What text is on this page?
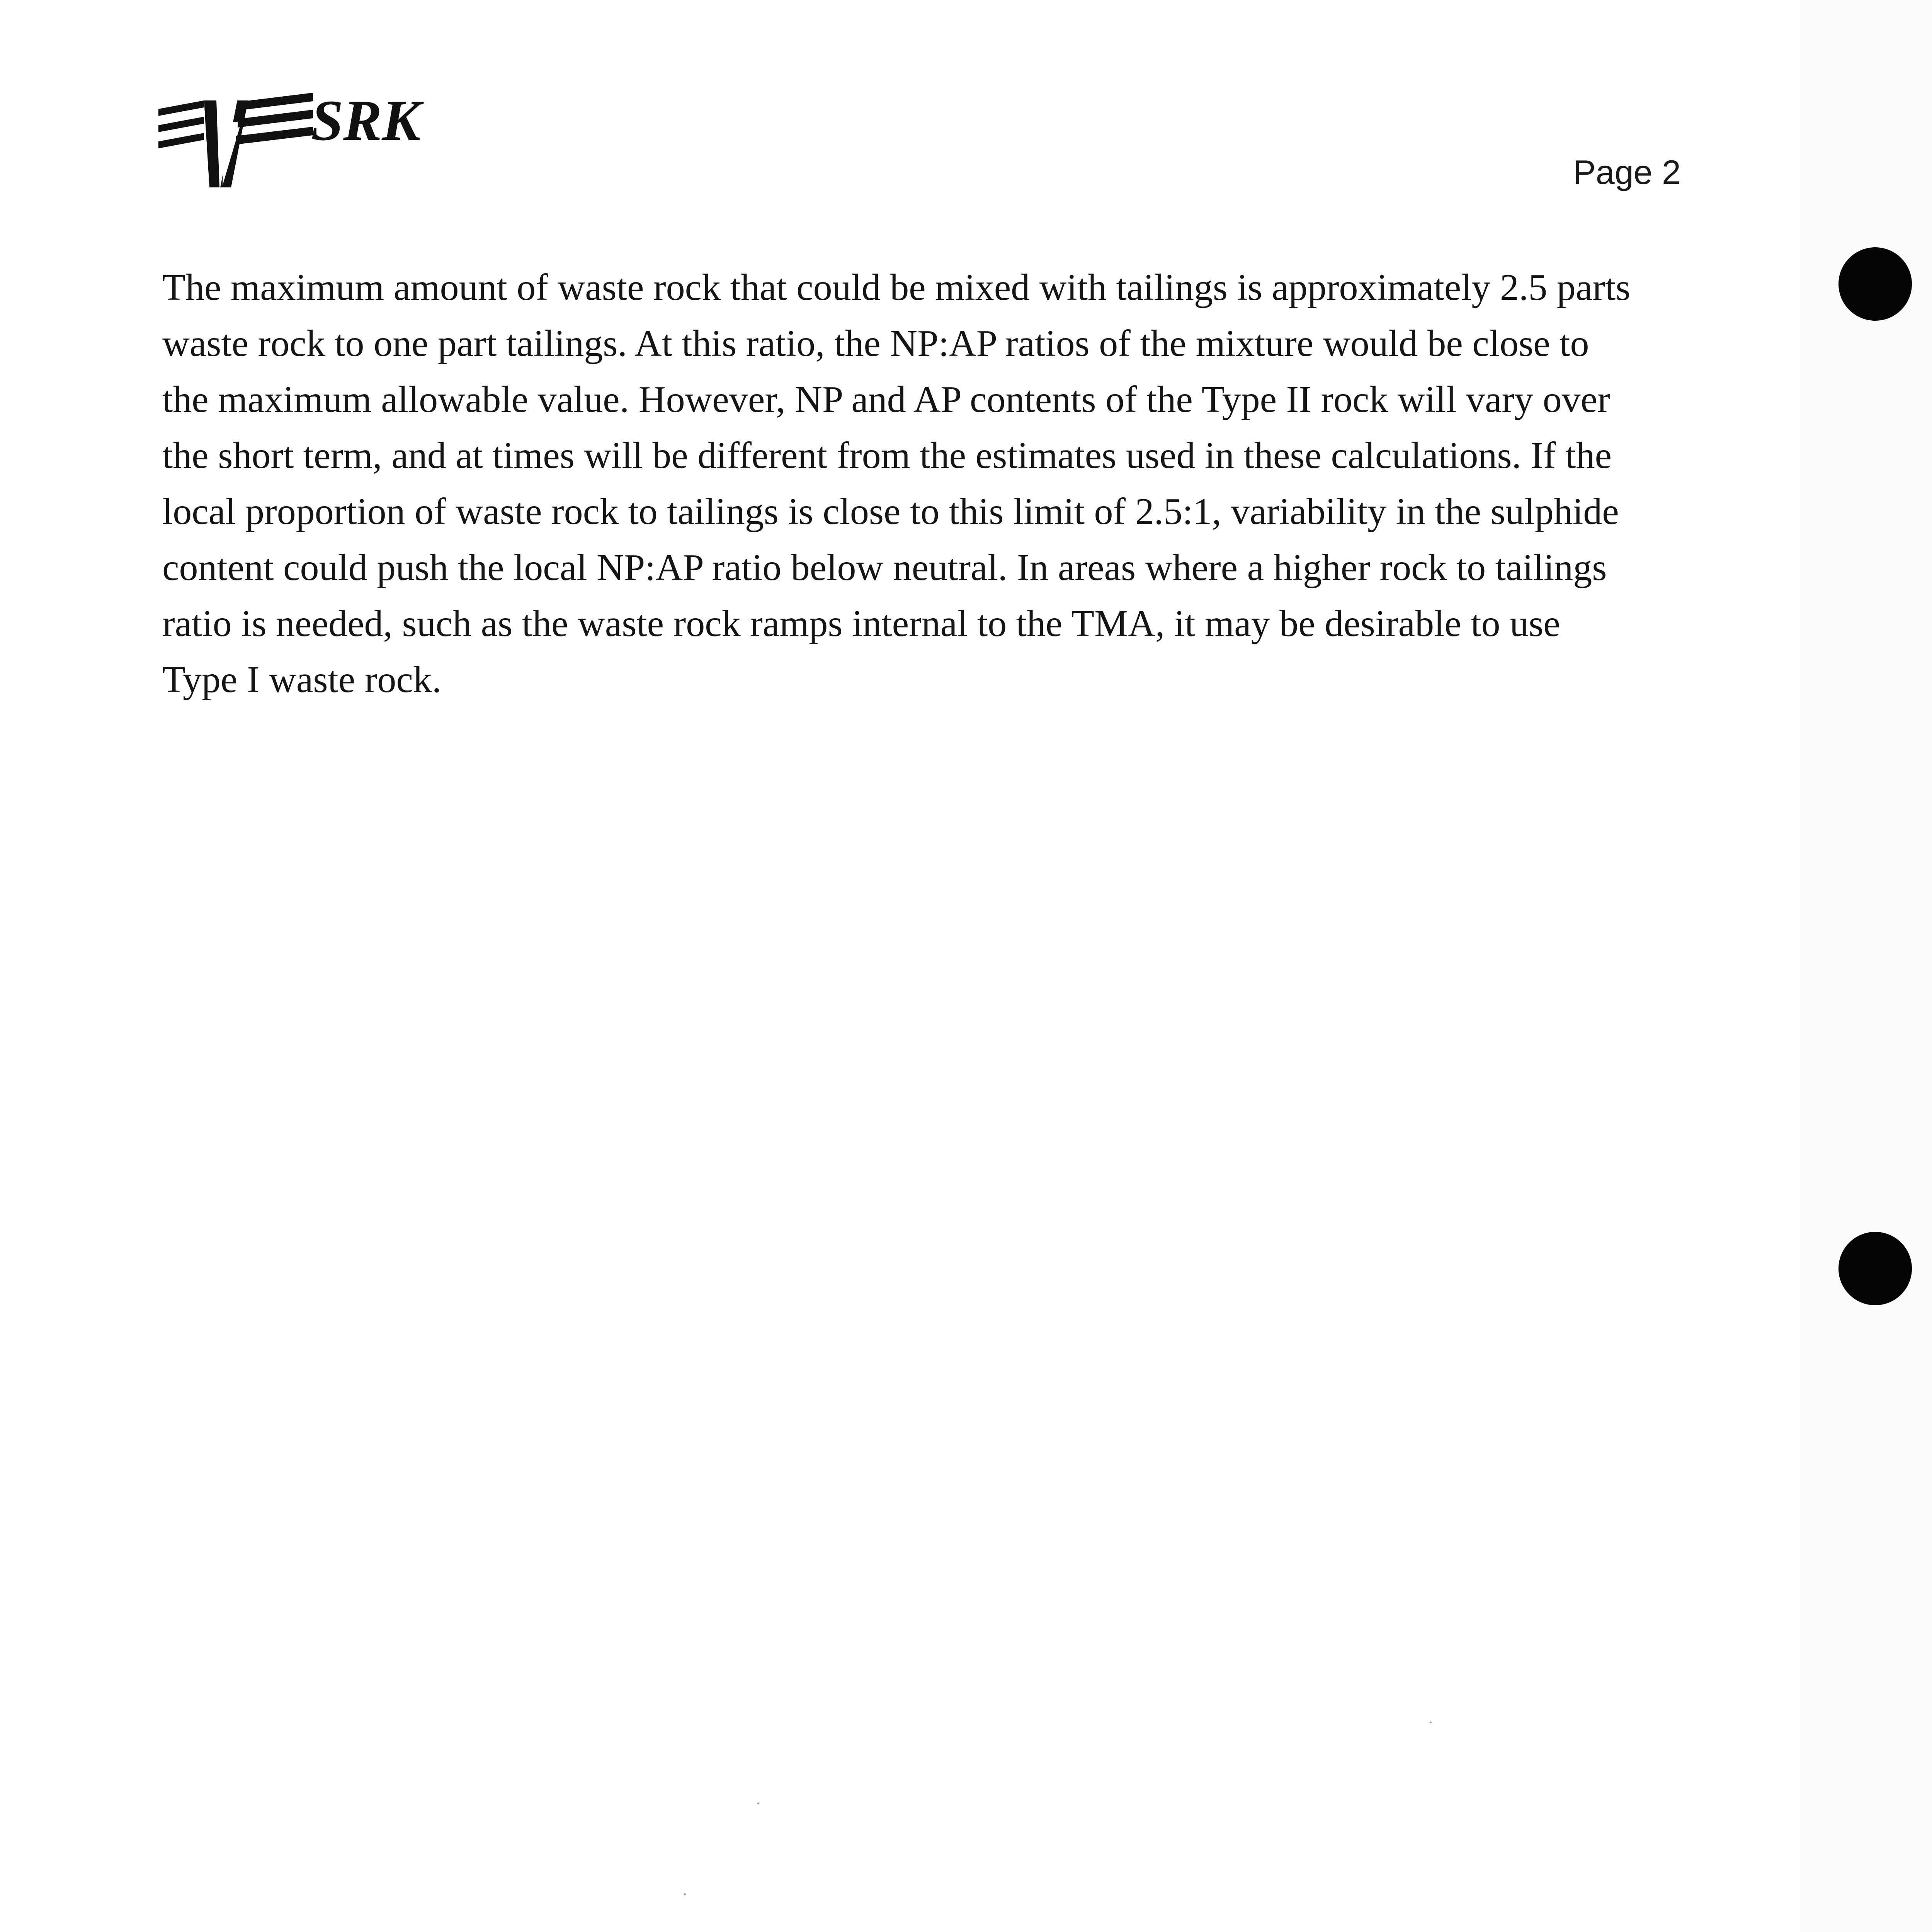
SRK
Page 2

The maximum amount of waste rock that could be mixed with tailings is approximately 2.5 parts
waste rock to one part tailings. At this ratio, the NP:AP ratios of the mixture would be close to
the maximum allowable value. However, NP and AP contents of the Type II rock will vary over
the short term, and at times will be different from the estimates used in these calculations. If the
local proportion of waste rock to tailings is close to this limit of 2.5:1, variability in the sulphide
content could push the local NP:AP ratio below neutral. In areas where a higher rock to tailings
ratio is needed, such as the waste rock ramps internal to the TMA, it may be desirable to use
Type I waste rock.
